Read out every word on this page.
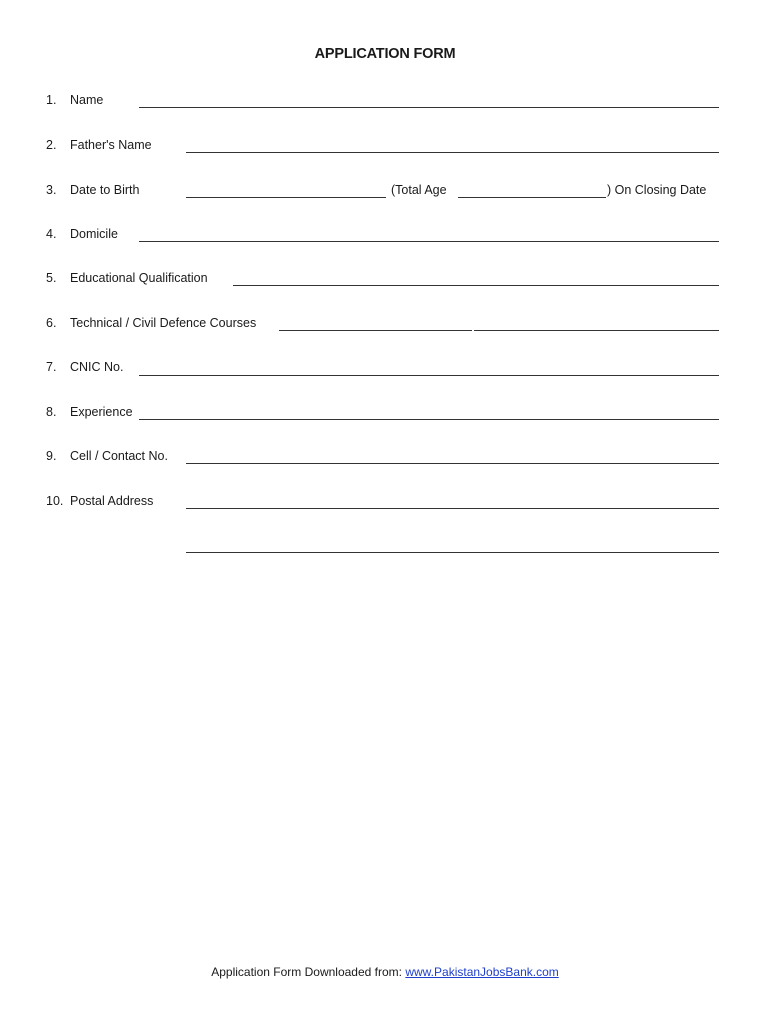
APPLICATION FORM
1. Name
2. Father's Name
3. Date to Birth	(Total Age	) On Closing Date
4. Domicile
5. Educational Qualification
6. Technical / Civil Defence Courses
7. CNIC No.
8. Experience
9. Cell / Contact No.
10. Postal Address
Application Form Downloaded from: www.PakistanJobsBank.com
